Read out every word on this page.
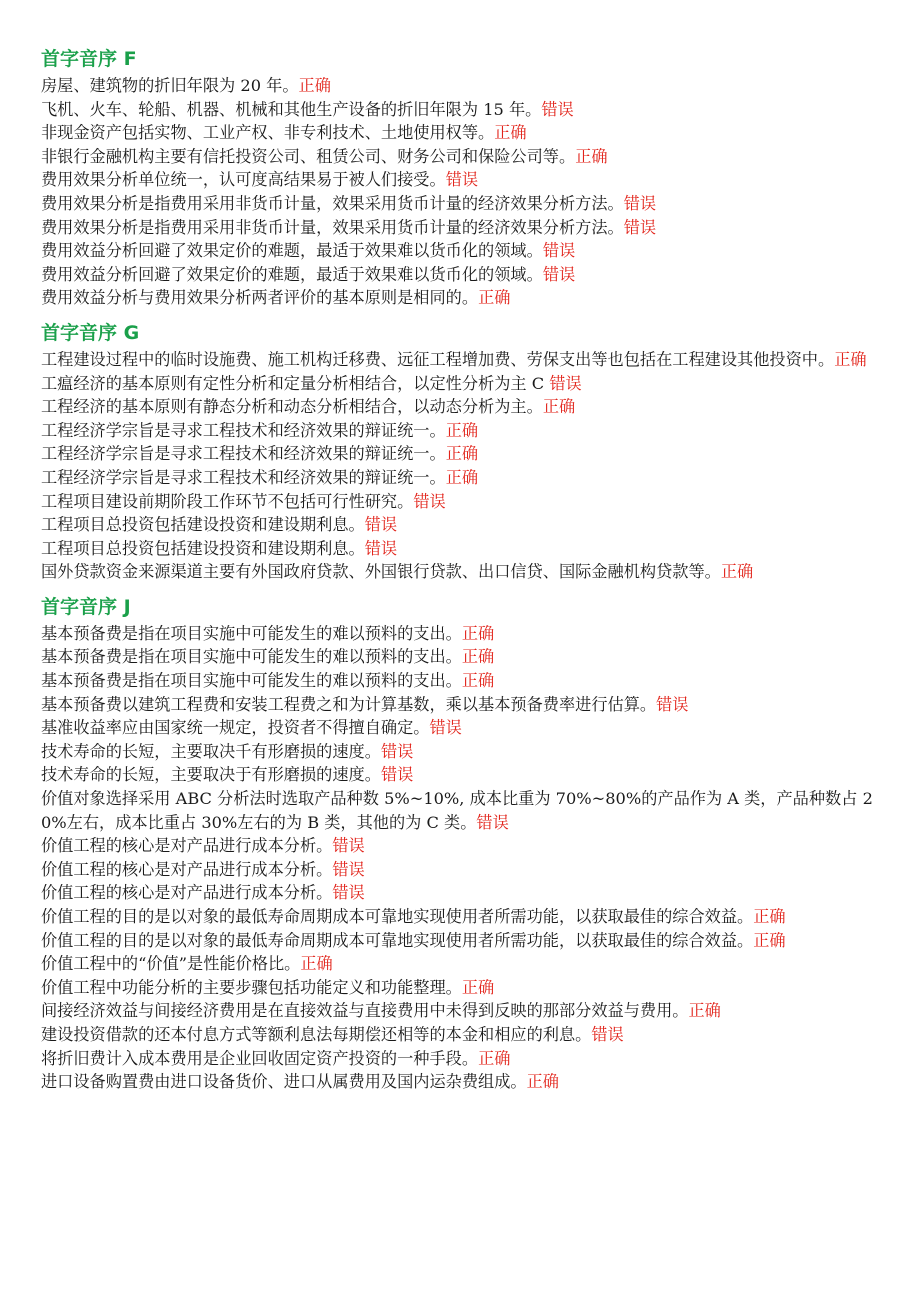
首字音序 F

房屋、建筑物的折旧年限为 20 年。正确

飞机、火车、轮船、机器、机械和其他生产设备的折旧年限为 15 年。错误

非现金资产包括实物、工业产权、非专利技术、土地使用权等。正确

非银行金融机构主要有信托投资公司、租赁公司、财务公司和保险公司等。正确

费用效果分析单位统一，认可度高结果易于被人们接受。错误

费用效果分析是指费用采用非货币计量，效果采用货币计量的经济效果分析方法。错误

费用效果分析是指费用采用非货币计量，效果采用货币计量的经济效果分析方法。错误

费用效益分析回避了效果定价的难题，最适于效果难以货币化的领域。错误

费用效益分析回避了效果定价的难题，最适于效果难以货币化的领域。错误

费用效益分析与费用效果分析两者评价的基本原则是相同的。正确

首字音序 G

工程建设过程中的临时设施费、施工机构迁移费、远征工程增加费、劳保支出等也包括在工程建设其他投资中。正确

工瘟经济的基本原则有定性分析和定量分析相结合，以定性分析为主 C 错误

工程经济的基本原则有静态分析和动态分析相结合，以动态分析为主。正确

工程经济学宗旨是寻求工程技术和经济效果的辩证统一。正确

工程经济学宗旨是寻求工程技术和经济效果的辩证统一。正确

工程经济学宗旨是寻求工程技术和经济效果的辩证统一。正确

工程项目建设前期阶段工作环节不包括可行性研究。错误

工程项目总投资包括建设投资和建设期利息。错误

工程项目总投资包括建设投资和建设期利息。错误

国外贷款资金来源渠道主要有外国政府贷款、外国银行贷款、出口信贷、国际金融机构贷款等。正确

首字音序 J

基本预备费是指在项目实施中可能发生的难以预料的支出。正确

基本预备费是指在项目实施中可能发生的难以预料的支出。正确

基本预备费是指在项目实施中可能发生的难以预料的支出。正确

基本预备费以建筑工程费和安装工程费之和为计算基数，乘以基本预备费率进行估算。错误

基准收益率应由国家统一规定，投资者不得擅自确定。错误

技术寿命的长短，主要取决千有形磨损的速度。错误

技术寿命的长短，主要取决于有形磨损的速度。错误

价值对象选择采用 ABC 分析法时选取产品种数 5%~10%, 成本比重为 70%~80%的产品作为 A 类，产品种数占 20%左右，成本比重占 30%左右的为 B 类，其他的为 C 类。错误

价值工程的核心是对产品进行成本分析。错误

价值工程的核心是对产品进行成本分析。错误

价值工程的核心是对产品进行成本分析。错误

价值工程的目的是以对象的最低寿命周期成本可靠地实现使用者所需功能，以获取最佳的综合效益。正确

价值工程的目的是以对象的最低寿命周期成本可靠地实现使用者所需功能，以获取最佳的综合效益。正确

价值工程中的“价值”是性能价格比。正确

价值工程中功能分析的主要步骤包括功能定义和功能整理。正确

间接经济效益与间接经济费用是在直接效益与直接费用中未得到反映的那部分效益与费用。正确

建设投资借款的还本付息方式等额利息法每期偿还相等的本金和相应的利息。错误

将折旧费计入成本费用是企业回收固定资产投资的一种手段。正确

进口设备购置费由进口设备货价、进口从属费用及国内运杂费组成。正确
